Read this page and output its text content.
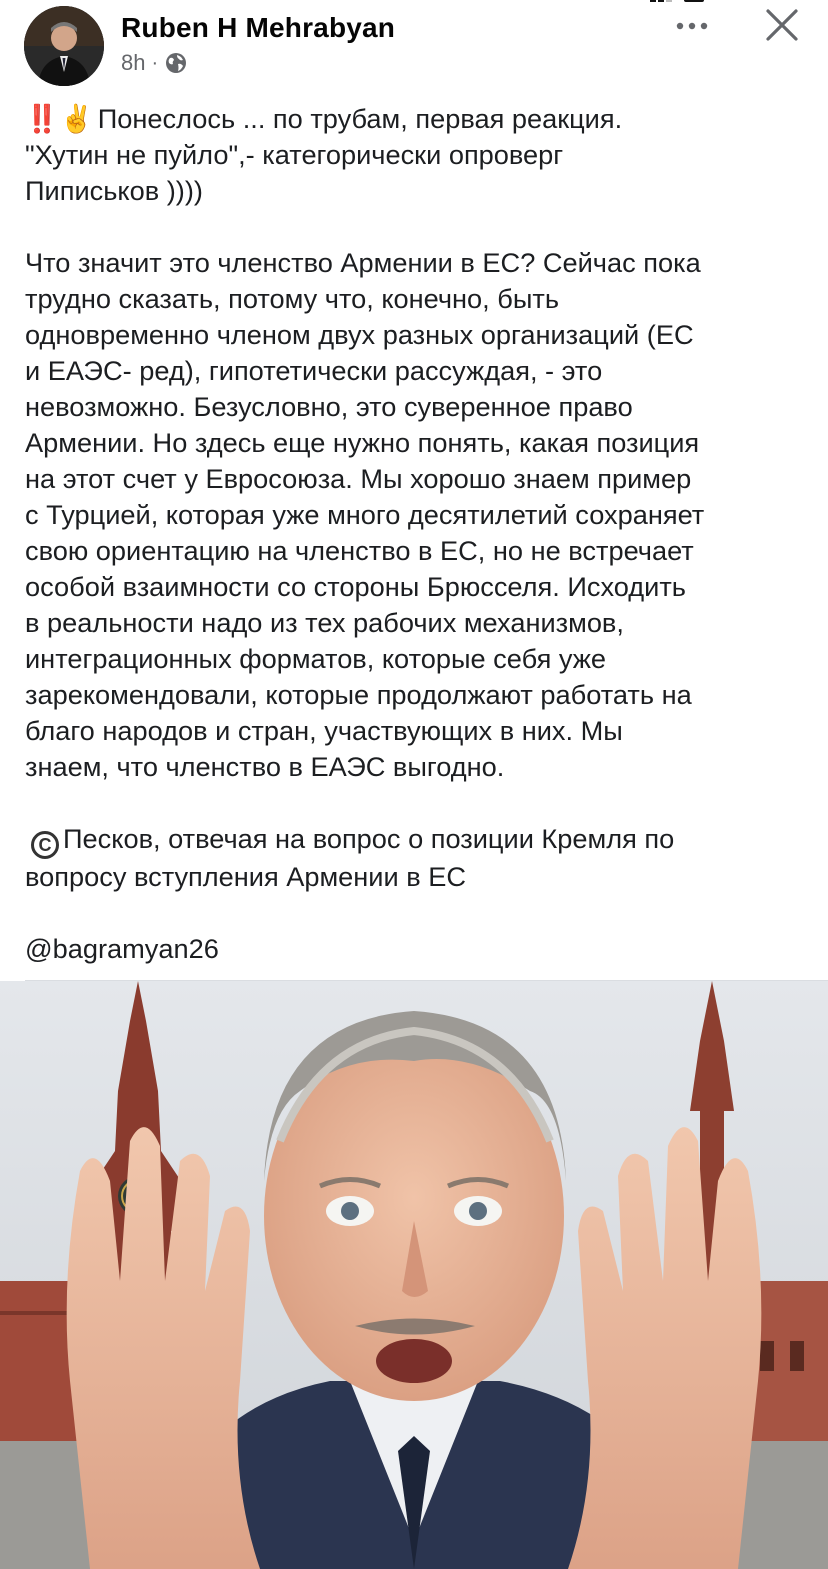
Ruben H Mehrabyan
8h ·

‼️ ✌️ Понеслось ... по трубам, первая реакция.

"Хутин не пуйло",- категорически опроверг

Пиписьков ))))

Что значит это членство Армении в ЕС? Сейчас пока

трудно сказать, потому что, конечно, быть

одновременно членом двух разных организаций (ЕС

и ЕАЭС- ред), гипотетически рассуждая, - это

невозможно. Безусловно, это суверенное право

Армении. Но здесь еще нужно понять, какая позиция

на этот счет у Евросоюза. Мы хорошо знаем пример

с Турцией, которая уже много десятилетий сохраняет

свою ориентацию на членство в ЕС, но не встречает

особой взаимности со стороны Брюсселя. Исходить

в реальности надо из тех рабочих механизмов,

интеграционных форматов, которые себя уже

зарекомендовали, которые продолжают работать на

благо народов и стран, участвующих в них. Мы

знаем, что членство в ЕАЭС выгодно.

C Песков, отвечая на вопрос о позиции Кремля по

вопросу вступления Армении в ЕС

@bagramyan26
